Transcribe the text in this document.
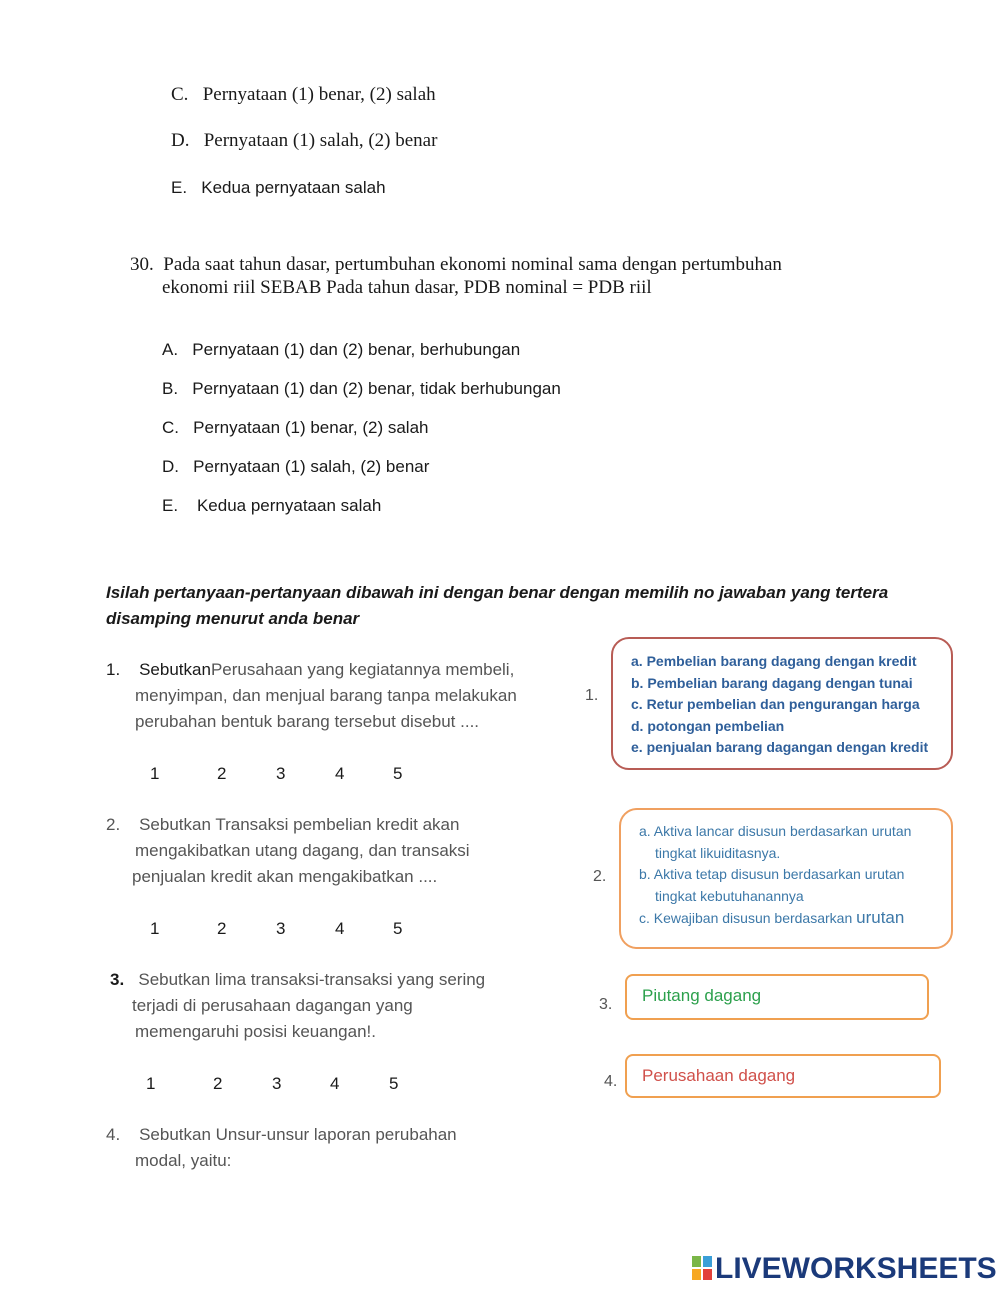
C. Pernyataan (1) benar, (2) salah
D. Pernyataan (1) salah, (2) benar
E. Kedua pernyataan salah
30. Pada saat tahun dasar, pertumbuhan ekonomi nominal sama dengan pertumbuhan
ekonomi riil SEBAB Pada tahun dasar, PDB nominal = PDB riil
A. Pernyataan (1) dan (2) benar, berhubungan
B. Pernyataan (1) dan (2) benar, tidak berhubungan
C. Pernyataan (1) benar, (2) salah
D. Pernyataan (1) salah, (2) benar
E. Kedua pernyataan salah
Isilah pertanyaan-pertanyaan dibawah ini dengan benar dengan memilih no jawaban yang tertera
disamping menurut anda benar
1. SebutkanPerusahaan yang kegiatannya membeli,
menyimpan, dan menjual barang tanpa melakukan
perubahan bentuk barang tersebut disebut ....
1	2	3	4	5
2. Sebutkan Transaksi pembelian kredit akan
mengakibatkan utang dagang, dan transaksi
penjualan kredit akan mengakibatkan ....
1	2	3	4	5
3. Sebutkan lima transaksi-transaksi yang sering
terjadi di perusahaan dagangan yang
memengaruhi posisi keuangan!.
1	2	3	4	5
4. Sebutkan Unsur-unsur laporan perubahan
modal, yaitu:
1.
a. Pembelian barang dagang dengan kredit
b. Pembelian barang dagang dengan tunai
c. Retur pembelian dan pengurangan harga
d. potongan pembelian
e. penjualan barang dagangan dengan kredit
2.
a. Aktiva lancar disusun berdasarkan urutan
tingkat likuiditasnya.
b. Aktiva tetap disusun berdasarkan urutan
tingkat kebutuhanannya
c. Kewajiban disusun berdasarkan urutan
3. Piutang dagang
4. Perusahaan dagang
LIVEWORKSHEETS
